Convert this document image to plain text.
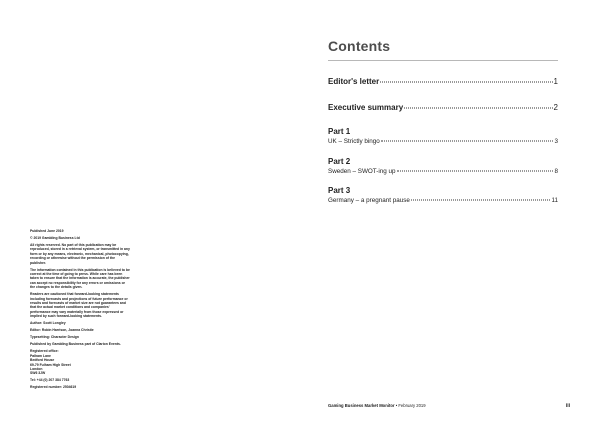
Published June 2019

© 2019 Gambling Business Ltd

All rights reserved. No part of this publication may be reproduced, stored in a retrieval system, or transmitted in any form or by any means, electronic, mechanical, photocopying, recording or otherwise without the permission of the publisher.

The information contained in this publication is believed to be correct at the time of going to press. While care has been taken to ensure that the information is accurate, the publisher can accept no responsibility for any errors or omissions or the changes to the details given.

Readers are cautioned that forward-looking statements including forecasts and projections of future performance or results and forecasts of market size are not guarantees and that the actual market conditions and companies' performance may vary materially from those expressed or implied by such forward-looking statements.

Author: Scott Longley

Editor: Robin Harrison, Joanna Christie

Typesetting: Character Design

Published by Gambling Business part of Clarion Events.

Registered office:
Palham Lane
Bedford House
69-79 Fulham High Street
London
SW6 3JW

Tel: +44 (0) 207 384 7763

Registered number: 2504619

Contents
Editor's letter	1
Executive summary	2
Part 1
UK – Strictly bingo	3
Part 2
Sweden – SWOT-ing up	8
Part 3
Germany – a pregnant pause	11
Gaming Business Market Monitor • February 2019	iii
